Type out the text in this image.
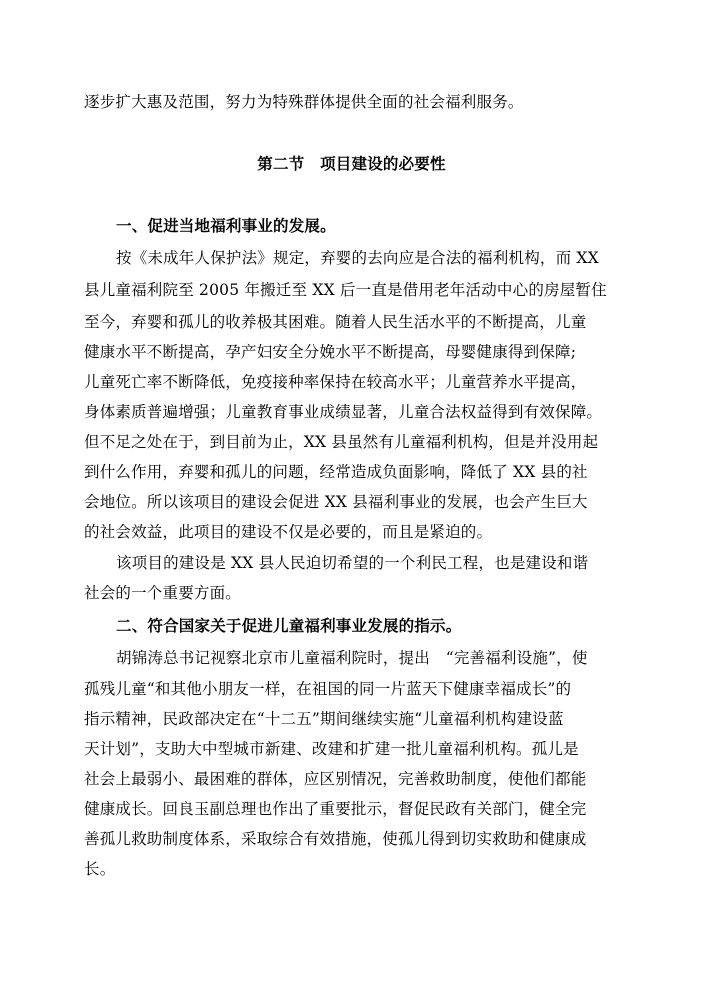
逐步扩大惠及范围，努力为特殊群体提供全面的社会福利服务。
第二节　项目建设的必要性
一、促进当地福利事业的发展。
按《未成年人保护法》规定，弃婴的去向应是合法的福利机构，而 XX
县儿童福利院至 2005 年搬迁至 XX 后一直是借用老年活动中心的房屋暂住
至今，弃婴和孤儿的收养极其困难。随着人民生活水平的不断提高，儿童
健康水平不断提高，孕产妇安全分娩水平不断提高，母婴健康得到保障;
儿童死亡率不断降低，免疫接种率保持在较高水平；儿童营养水平提高，
身体素质普遍增强；儿童教育事业成绩显著，儿童合法权益得到有效保障。
但不足之处在于，到目前为止，XX 县虽然有儿童福利机构，但是并没用起
到什么作用，弃婴和孤儿的问题，经常造成负面影响，降低了 XX 县的社
会地位。所以该项目的建设会促进 XX 县福利事业的发展，也会产生巨大
的社会效益，此项目的建设不仅是必要的，而且是紧迫的。
该项目的建设是 XX 县人民迫切希望的一个利民工程，也是建设和谐
社会的一个重要方面。
二、符合国家关于促进儿童福利事业发展的指示。
胡锦涛总书记视察北京市儿童福利院时，提出　“完善福利设施”，使
孤残儿童“和其他小朋友一样，在祖国的同一片蓝天下健康幸福成长”的
指示精神，民政部决定在“十二五”期间继续实施“儿童福利机构建设蓝
天计划”，支助大中型城市新建、改建和扩建一批儿童福利机构。孤儿是
社会上最弱小、最困难的群体，应区别情况，完善救助制度，使他们都能
健康成长。回良玉副总理也作出了重要批示，督促民政有关部门，健全完
善孤儿救助制度体系，采取综合有效措施，使孤儿得到切实救助和健康成
长。
